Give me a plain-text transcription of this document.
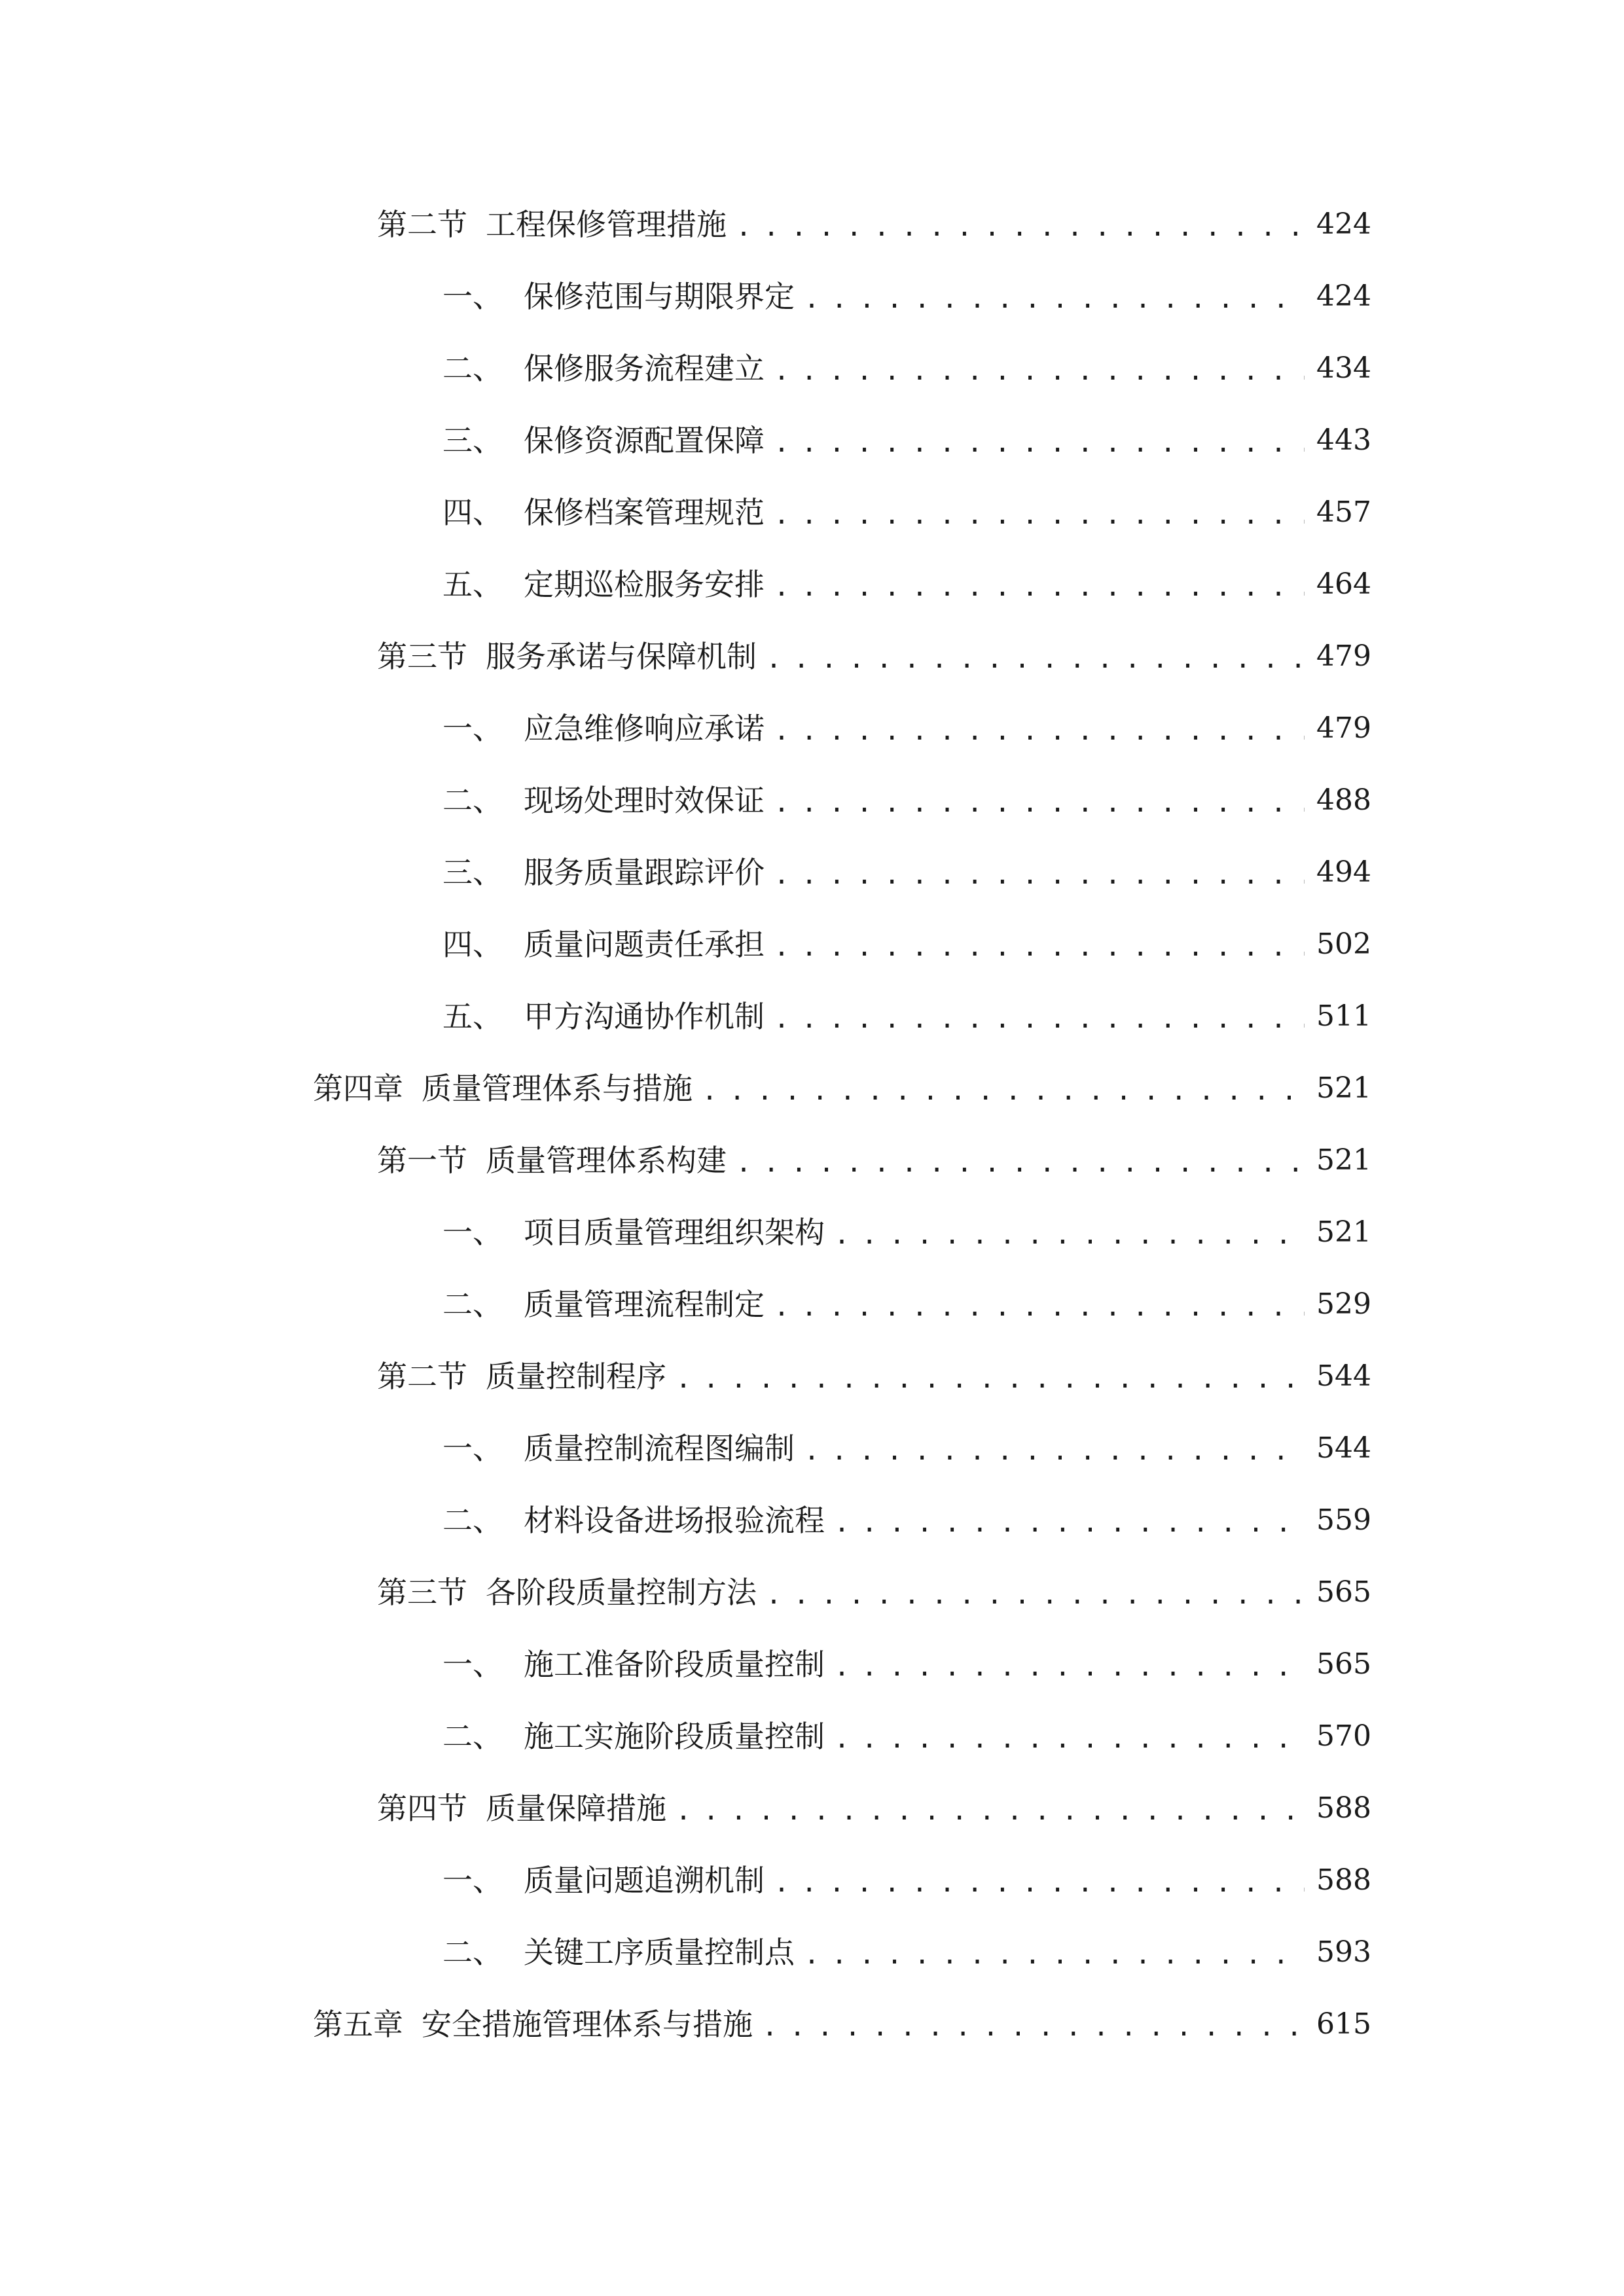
第二节 工程保修管理措施 . . .	424
一、 保修范围与期限界定 . . .	424
二、 保修服务流程建立 . . .	434
三、 保修资源配置保障 . . .	443
四、 保修档案管理规范 . . .	457
五、 定期巡检服务安排 . . .	464
第三节 服务承诺与保障机制 . . .	479
一、 应急维修响应承诺 . . .	479
二、 现场处理时效保证 . . .	488
三、 服务质量跟踪评价 . . .	494
四、 质量问题责任承担 . . .	502
五、 甲方沟通协作机制 . . .	511
第四章 质量管理体系与措施 . . .	521
第一节 质量管理体系构建 . . .	521
一、 项目质量管理组织架构 . . .	521
二、 质量管理流程制定 . . .	529
第二节 质量控制程序 . . .	544
一、 质量控制流程图编制 . . .	544
二、 材料设备进场报验流程 . . .	559
第三节 各阶段质量控制方法 . . .	565
一、 施工准备阶段质量控制 . . .	565
二、 施工实施阶段质量控制 . . .	570
第四节 质量保障措施 . . .	588
一、 质量问题追溯机制 . . .	588
二、 关键工序质量控制点 . . .	593
第五章 安全措施管理体系与措施 . . .	615
